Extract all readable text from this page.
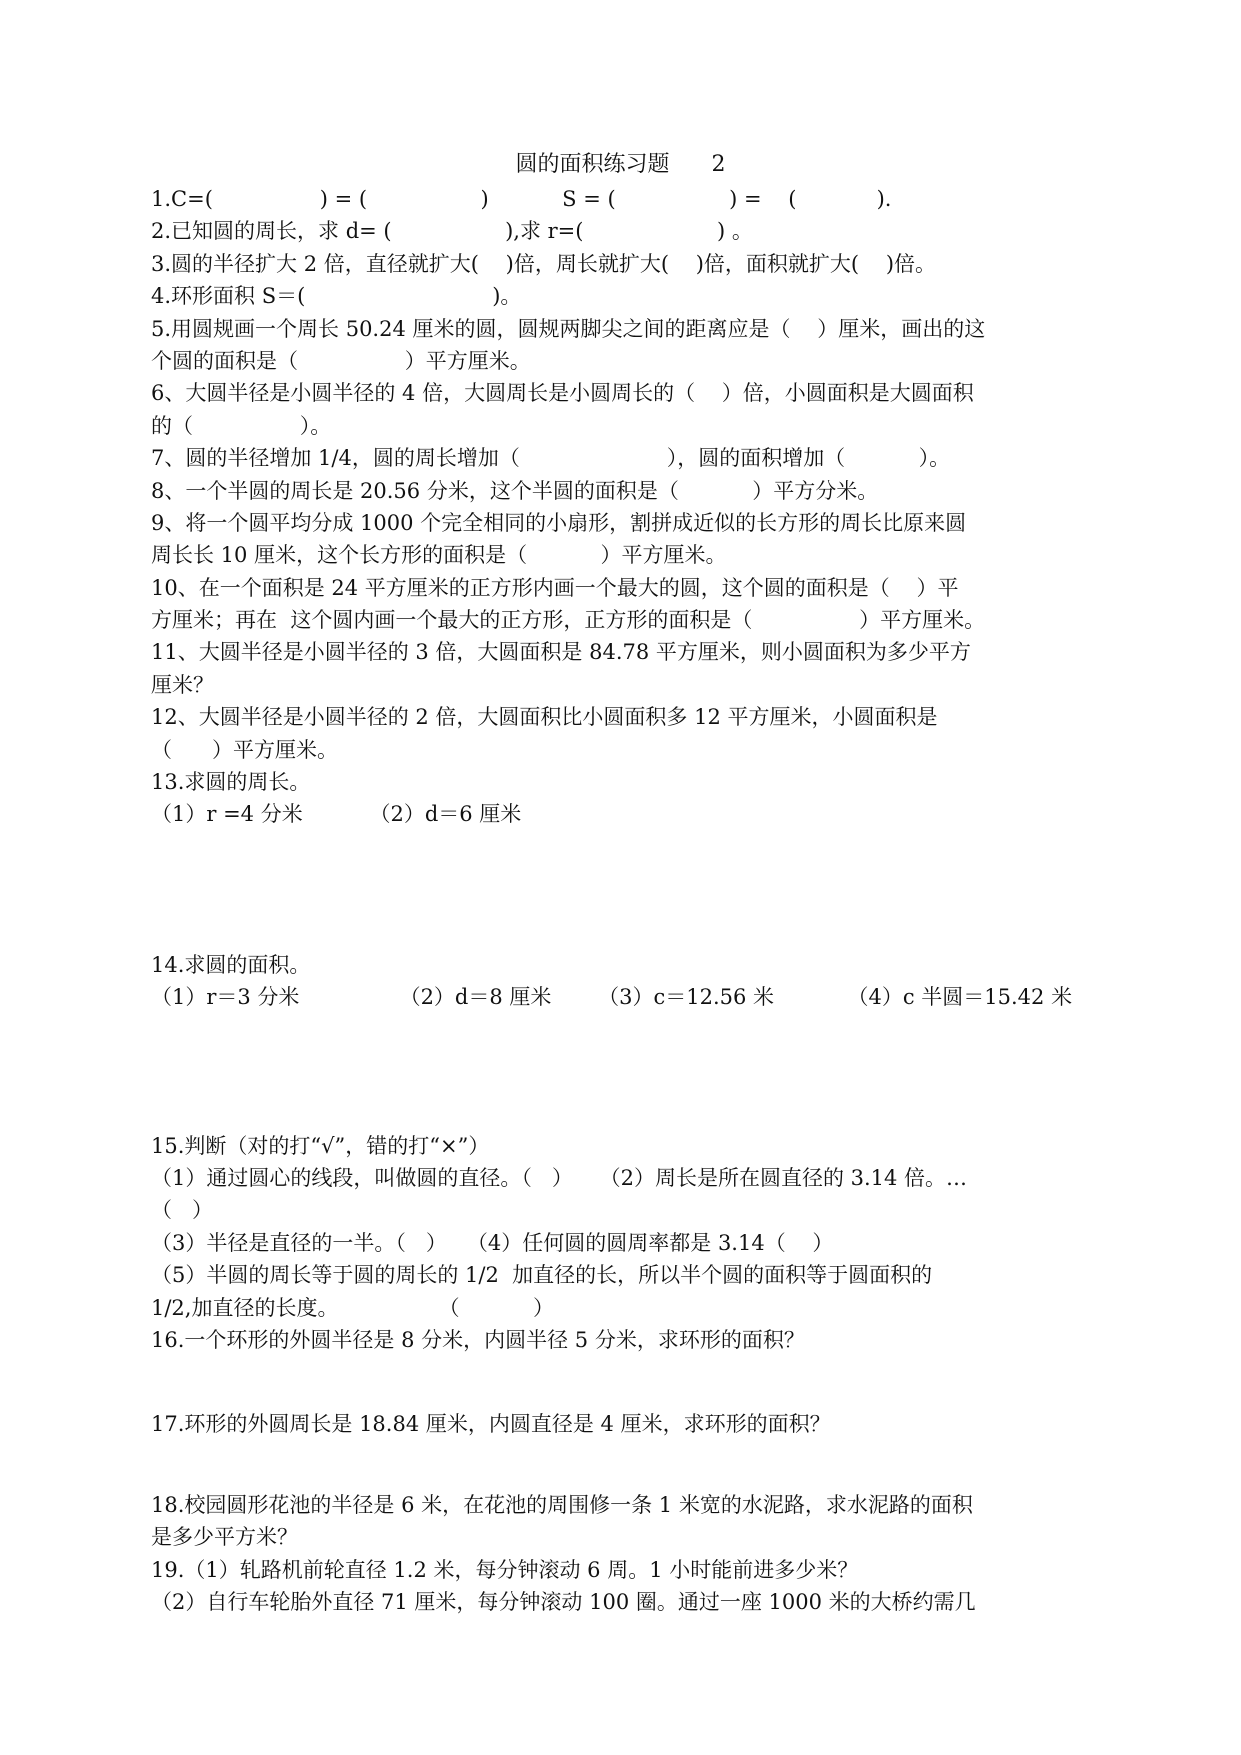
圆的面积练习题      2
1.C=(                ) = (                 )           S = (                 ) =    (            ).
2.已知圆的周长，求 d= (                 ),求 r=(                    ) 。
3.圆的半径扩大 2 倍，直径就扩大(    )倍，周长就扩大(    )倍，面积就扩大(    )倍。
4.环形面积 S＝(                            )。
5.用圆规画一个周长 50.24 厘米的圆，圆规两脚尖之间的距离应是（    ）厘米，画出的这
个圆的面积是（                ）平方厘米。
6、大圆半径是小圆半径的 4 倍，大圆周长是小圆周长的（    ）倍，小圆面积是大圆面积
的（                ）。
7、圆的半径增加 1/4，圆的周长增加（                      ），圆的面积增加（           ）。
8、一个半圆的周长是 20.56 分米，这个半圆的面积是（           ）平方分米。
9、将一个圆平均分成 1000 个完全相同的小扇形，割拼成近似的长方形的周长比原来圆
周长长 10 厘米，这个长方形的面积是（           ）平方厘米。
10、在一个面积是 24 平方厘米的正方形内画一个最大的圆，这个圆的面积是（    ）平
方厘米；再在  这个圆内画一个最大的正方形，正方形的面积是（                ）平方厘米。
11、大圆半径是小圆半径的 3 倍，大圆面积是 84.78 平方厘米，则小圆面积为多少平方
厘米？
12、大圆半径是小圆半径的 2 倍，大圆面积比小圆面积多 12 平方厘米，小圆面积是
（      ）平方厘米。
13.求圆的周长。
（1）r =4 分米          （2）d＝6 厘米
14.求圆的面积。
（1）r＝3 分米               （2）d＝8 厘米       （3）c＝12.56 米           （4）c 半圆＝15.42 米
15.判断（对的打“√”，错的打“×”）
（1）通过圆心的线段，叫做圆的直径。（   ）    （2）周长是所在圆直径的 3.14 倍。…
（   ）
（3）半径是直径的一半。（   ）   （4）任何圆的圆周率都是 3.14（    ）
（5）半圆的周长等于圆的周长的 1/2  加直径的长，所以半个圆的面积等于圆面积的
1/2,加直径的长度。               （           ）
16.一个环形的外圆半径是 8 分米，内圆半径 5 分米，求环形的面积？
17.环形的外圆周长是 18.84 厘米，内圆直径是 4 厘米，求环形的面积？
18.校园圆形花池的半径是 6 米，在花池的周围修一条 1 米宽的水泥路，求水泥路的面积
是多少平方米？
19.（1）轧路机前轮直径 1.2 米，每分钟滚动 6 周。1 小时能前进多少米？
（2）自行车轮胎外直径 71 厘米，每分钟滚动 100 圈。通过一座 1000 米的大桥约需几
